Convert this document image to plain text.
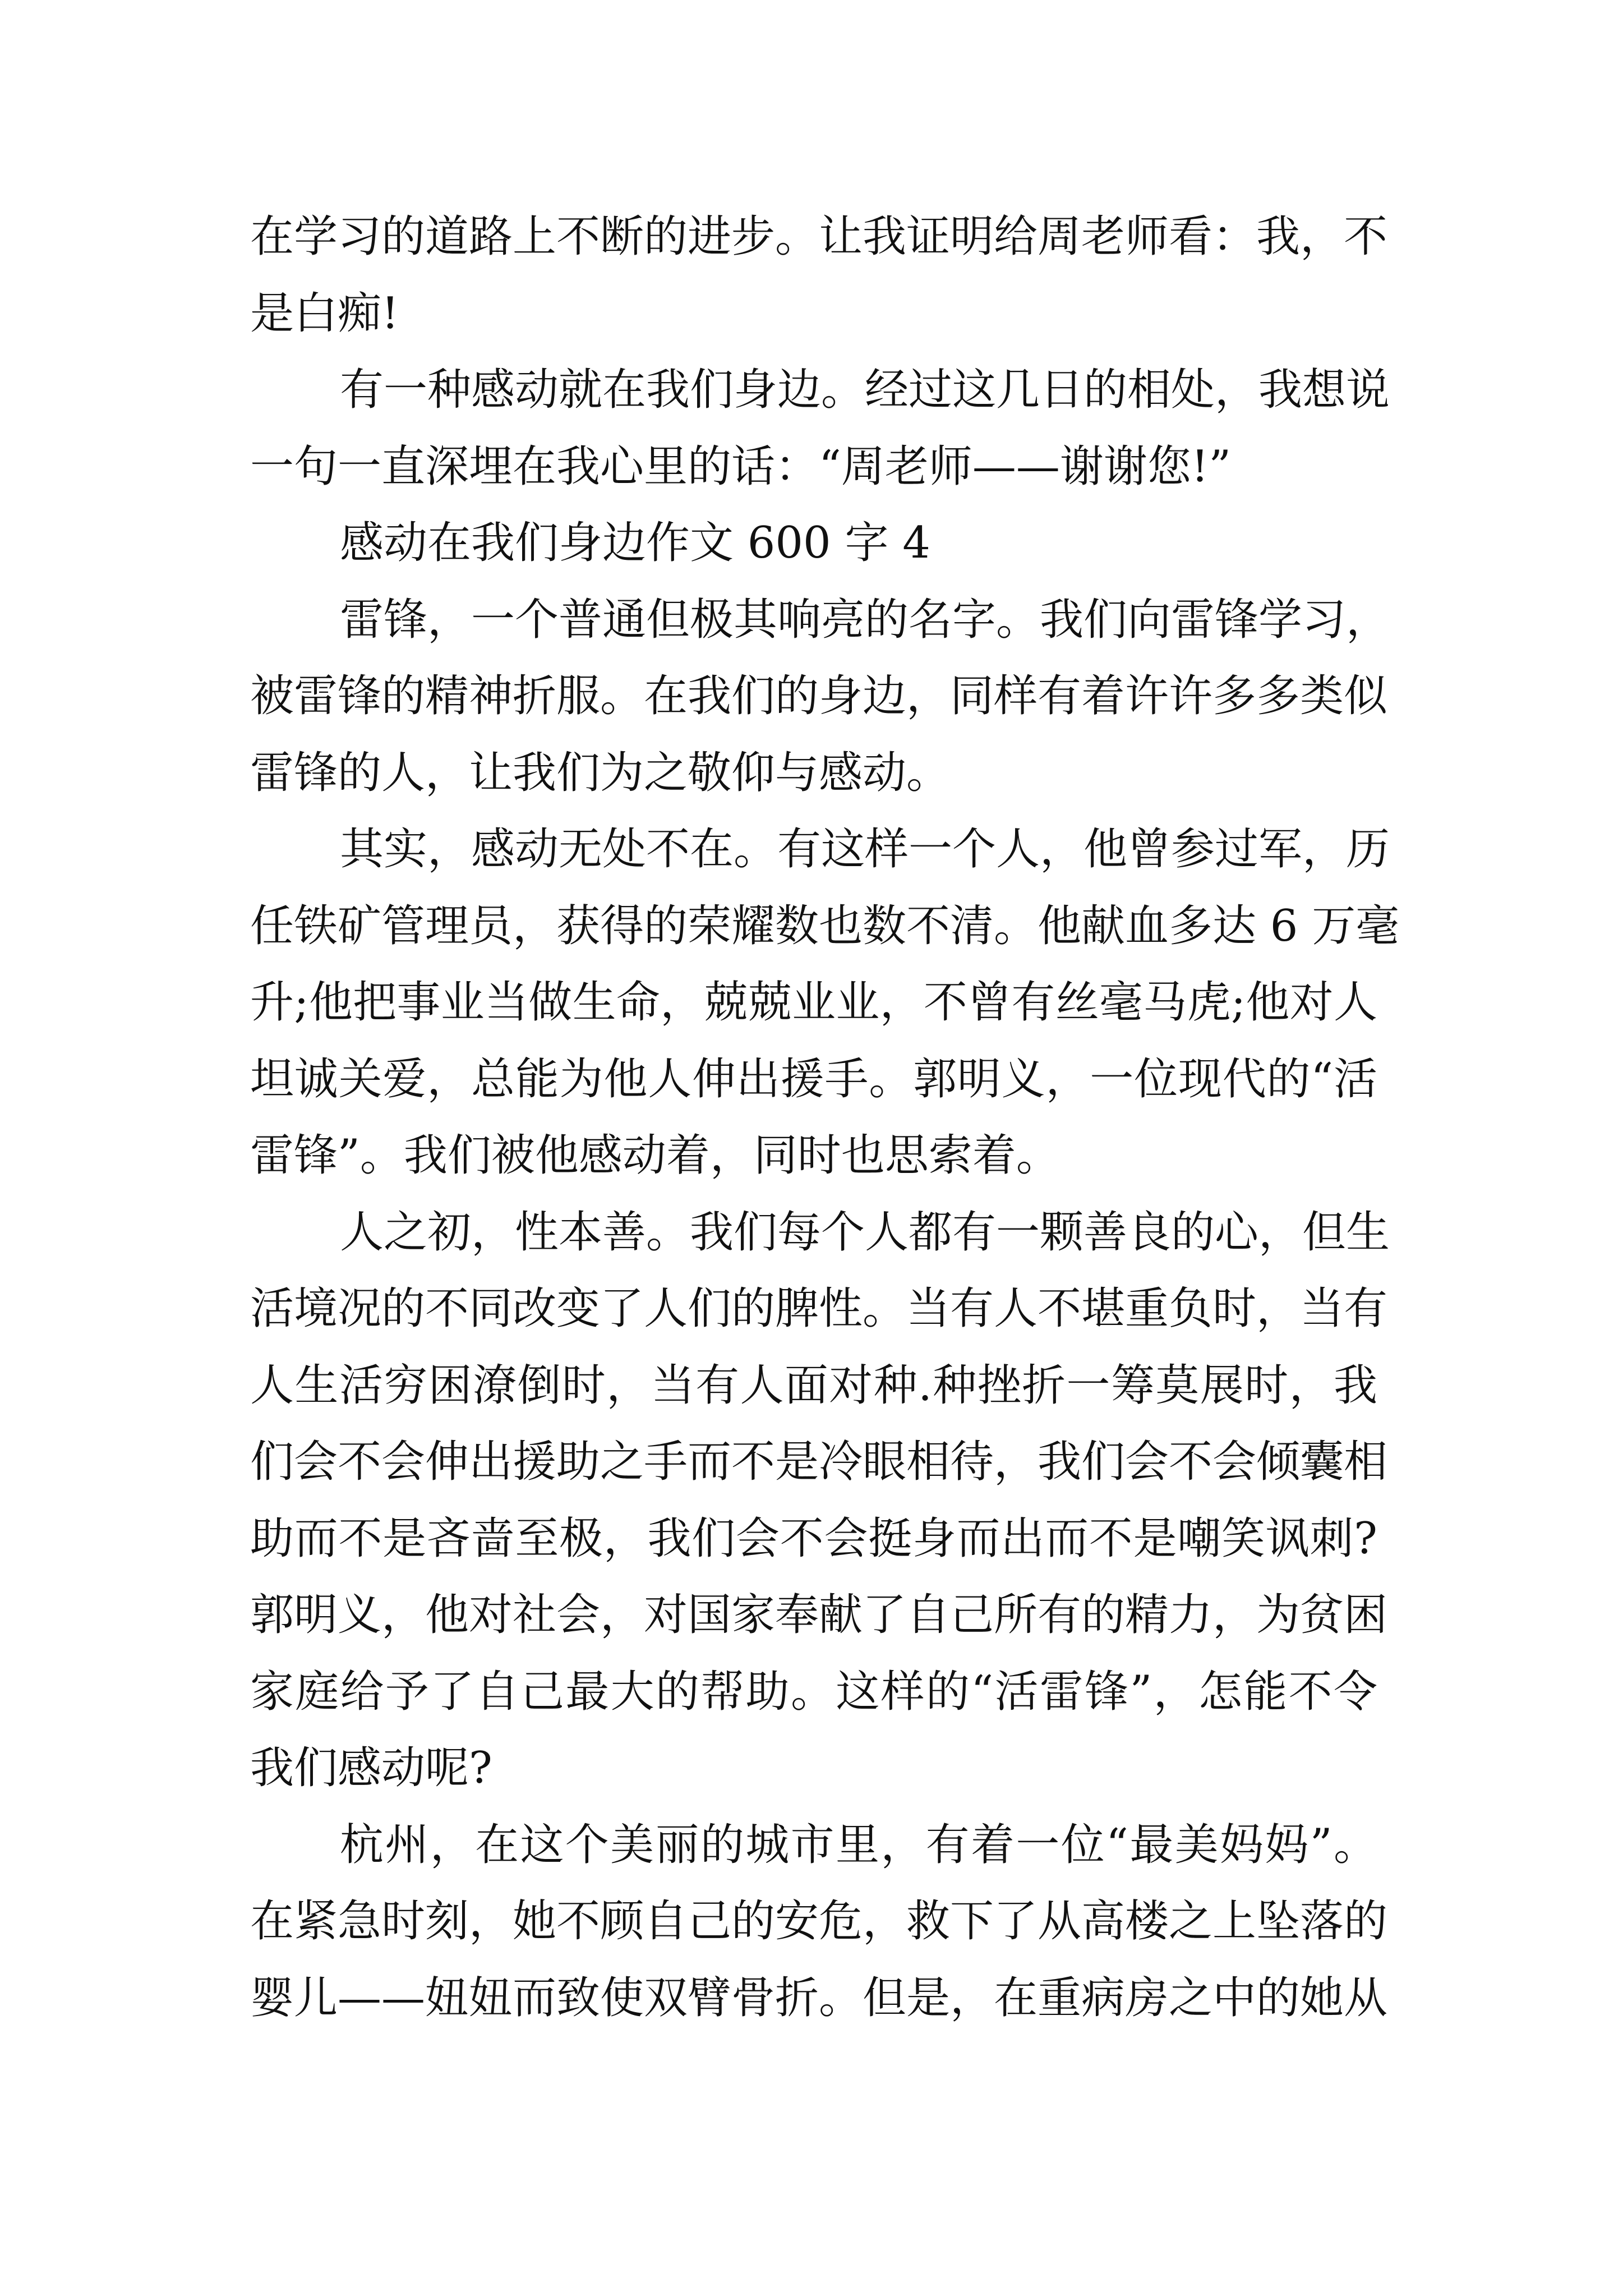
在学习的道路上不断的进步。让我证明给周老师看：我，不
是白痴!
有一种感动就在我们身边。经过这几日的相处，我想说
一句一直深埋在我心里的话：“周老师——谢谢您!”
感动在我们身边作文 600 字 4
雷锋，一个普通但极其响亮的名字。我们向雷锋学习，
被雷锋的精神折服。在我们的身边，同样有着许许多多类似
雷锋的人，让我们为之敬仰与感动。
其实，感动无处不在。有这样一个人，他曾参过军，历
任铁矿管理员，获得的荣耀数也数不清。他献血多达 6 万毫
升;他把事业当做生命，兢兢业业，不曾有丝毫马虎;他对人
坦诚关爱，总能为他人伸出援手。郭明义，一位现代的“活
雷锋”。我们被他感动着，同时也思索着。
人之初，性本善。我们每个人都有一颗善良的心，但生
活境况的不同改变了人们的脾性。当有人不堪重负时，当有
人生活穷困潦倒时，当有人面对种.种挫折一筹莫展时，我
们会不会伸出援助之手而不是冷眼相待，我们会不会倾囊相
助而不是吝啬至极，我们会不会挺身而出而不是嘲笑讽刺?
郭明义，他对社会，对国家奉献了自己所有的精力，为贫困
家庭给予了自己最大的帮助。这样的“活雷锋”，怎能不令
我们感动呢?
杭州，在这个美丽的城市里，有着一位“最美妈妈”。
在紧急时刻，她不顾自己的安危，救下了从高楼之上坠落的
婴儿——妞妞而致使双臂骨折。但是，在重病房之中的她从
